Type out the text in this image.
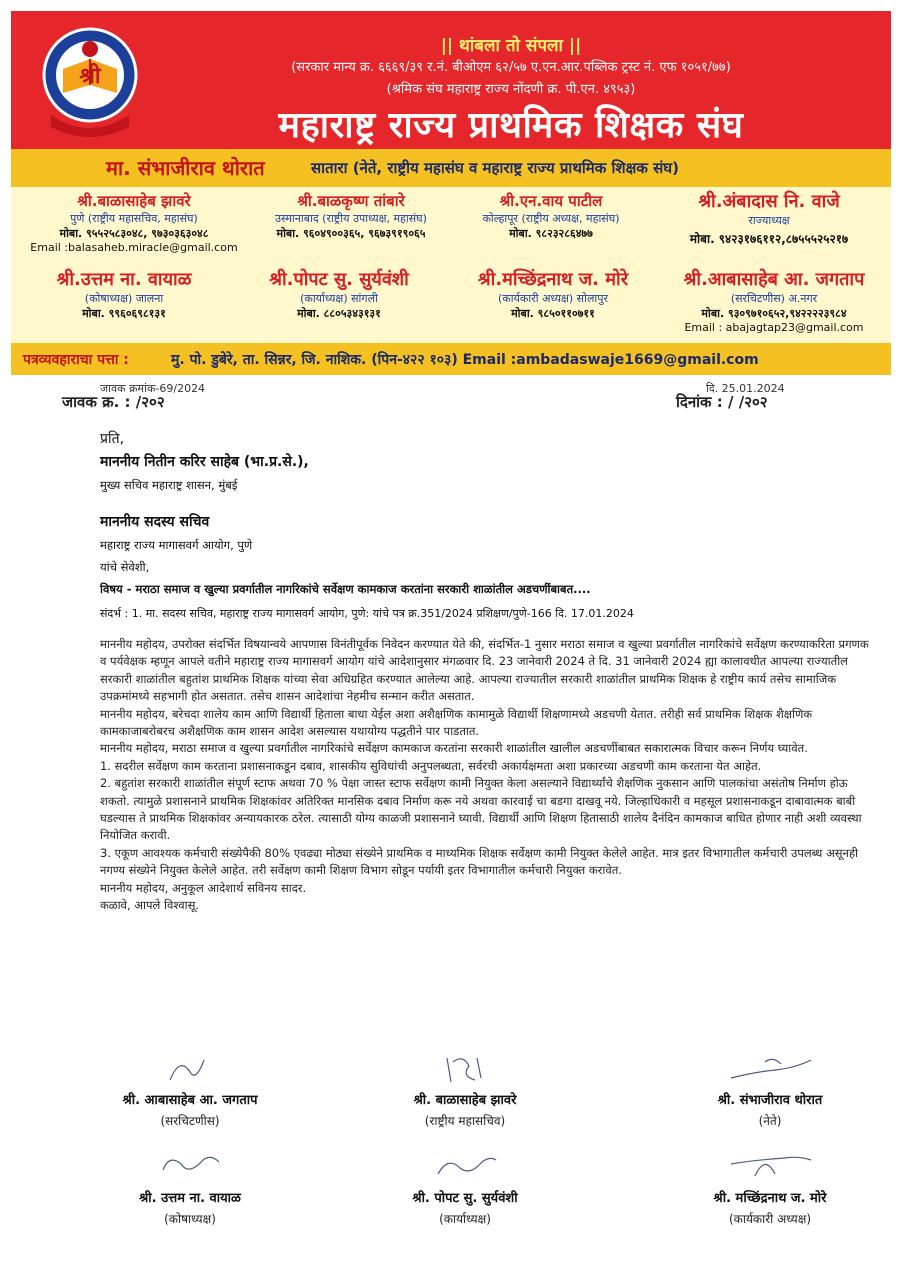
श्री
|| थांबला तो संपला ||
(सरकार मान्य क्र. ६६६९/३९ र.नं. बीओएम ६२/५७ ए.एन.आर.पब्लिक ट्रस्ट नं. एफ १०५१/७७)
(श्रमिक संघ महाराष्ट्र राज्य नोंदणी क्र. पी.एन. ४९५३)
महाराष्ट्र राज्य प्राथमिक शिक्षक संघ
मा. संभाजीराव थोरात	सातारा (नेते, राष्ट्रीय महासंघ व महाराष्ट्र राज्य प्राथमिक शिक्षक संघ)
श्री.बाळासाहेब झावरे
पुणे (राष्ट्रीय महासचिव, महासंघ)
मोबा. ९५५२५८३०४८, ९७३०३६३०४८
Email :balasaheb.miracle@gmail.com
श्री.बाळकृष्ण तांबारे
उस्मानाबाद (राष्ट्रीय उपाध्यक्ष, महासंघ)
मोबा. ९६०४९००३६५, ९६७३९१९०६५
श्री.एन.वाय पाटील
कोल्हापूर (राष्ट्रीय अध्यक्ष, महासंघ)
मोबा. ९८२३२८६४७७
श्री.अंबादास नि. वाजे
राज्याध्यक्ष
मोबा. ९४२३१७६११२,८७५५५२५२१७
श्री.उत्तम ना. वायाळ
(कोषाध्यक्ष) जालना
मोबा. ९९६०६९८१३१
श्री.पोपट सु. सुर्यवंशी
(कार्याध्यक्ष) सांगली
मोबा. ८८०५३४३१३१
श्री.मच्छिंद्रनाथ ज. मोरे
(कार्यकारी अध्यक्ष) सोलापुर
मोबा. ९८५०११०७११
श्री.आबासाहेब आ. जगताप
(सरचिटणीस) अ.नगर
मोबा. ९३०९७१०६५२,९४२२२२३९८४
Email : abajagtap23@gmail.com
पत्रव्यवहाराचा पत्ता :	मु. पो. डुबेरे, ता. सिन्नर, जि. नाशिक. (पिन-४२२ १०३) Email :ambadaswaje1669@gmail.com
जावक क्रमांक-69/2024
जावक क्र. : /२०२
दि. 25.01.2024
दिनांक : / /२०२
प्रति,
माननीय नितीन करिर साहेब (भा.प्र.से.),
मुख्य सचिव महाराष्ट्र शासन, मुंबई
माननीय सदस्य सचिव
महाराष्ट्र राज्य मागासवर्ग आयोग, पुणे
यांचे सेवेशी,
विषय - मराठा समाज व खुल्या प्रवर्गातील नागरिकांचे सर्वेक्षण कामकाज करतांना सरकारी शाळांतील अडचणींबाबत....
संदर्भ : 1. मा. सदस्य सचिव, महाराष्ट्र राज्य मागासवर्ग आयोग, पुणे: यांचे पत्र क्र.351/2024 प्रशिक्षण/पुणे-166 दि. 17.01.2024
माननीय महोदय, उपरोक्त संदर्भित विषयान्वये आपणास विनंतीपूर्वक निवेदन करण्यात येते की, संदर्भित-1 नुसार मराठा समाज व खुल्या प्रवर्गातील नागरिकांचे सर्वेक्षण करण्याकरिता प्रगणक व पर्यवेक्षक म्हणून आपले वतीने महाराष्ट्र राज्य मागासवर्ग आयोग यांचे आदेशानुसार मंगळवार दि. 23 जानेवारी 2024 ते दि. 31 जानेवारी 2024 ह्या कालावधीत आपल्या राज्यातील सरकारी शाळांतील बहुतांश प्राथमिक शिक्षक यांच्या सेवा अधिग्रहित करण्यात आलेल्या आहे. आपल्या राज्यातील सरकारी शाळांतील प्राथमिक शिक्षक हे राष्ट्रीय कार्य तसेच सामाजिक उपक्रमांमध्ये सहभागी होत असतात. तसेच शासन आदेशांचा नेहमीच सन्मान करीत असतात.
माननीय महोदय, बरेचदा शालेय काम आणि विद्यार्थी हिताला बाधा येईल अशा अशैक्षणिक कामामुळे विद्यार्थी शिक्षणामध्ये अडचणी येतात. तरीही सर्व प्राथमिक शिक्षक शैक्षणिक कामकाजाबरोबरच अशैक्षणिक काम शासन आदेश असल्यास यथायोग्य पद्धतीने पार पाडतात.
माननीय महोदय, मराठा समाज व खुल्या प्रवर्गातील नागरिकांचे सर्वेक्षण कामकाज करतांना सरकारी शाळांतील खालील अडचणींबाबत सकारात्मक विचार करून निर्णय घ्यावेत.
1. सदरील सर्वेक्षण काम करताना प्रशासनाकडून दबाव, शासकीय सुविधांची अनुपलब्धता, सर्वरची अकार्यक्षमता अशा प्रकारच्या अडचणी काम करताना येत आहेत.
2. बहुतांश सरकारी शाळांतील संपूर्ण स्टाफ अथवा 70 % पेक्षा जास्त स्टाफ सर्वेक्षण कामी नियुक्त केला असल्याने विद्यार्थ्यांचे शैक्षणिक नुकसान आणि पालकांचा असंतोष निर्माण होऊ शकतो. त्यामुळे प्रशासनाने प्राथमिक शिक्षकांवर अतिरिक्त मानसिक दबाव निर्माण करू नये अथवा कारवाई चा बडगा दाखवू नये. जिल्हाधिकारी व महसूल प्रशासनाकडून दाबावात्मक बाबी घडल्यास ते प्राथमिक शिक्षकांवर अन्यायकारक ठरेल. त्यासाठी योग्य काळजी प्रशासनाने घ्यावी. विद्यार्थी आणि शिक्षण हितासाठी शालेय दैनंदिन कामकाज बाधित होणार नाही अशी व्यवस्था नियोजित करावी.
3. एकूण आवश्यक कर्मचारी संख्येपैकी 80% एवढ्या मोठ्या संख्येने प्राथमिक व माध्यमिक शिक्षक सर्वेक्षण कामी नियुक्त केलेले आहेत. मात्र इतर विभागातील कर्मचारी उपलब्ध असूनही नगण्य संख्येने नियुक्त केलेले आहेत. तरी सर्वेक्षण कामी शिक्षण विभाग सोडून पर्यायी इतर विभागातील कर्मचारी नियुक्त करावेत.
माननीय महोदय, अनुकूल आदेशार्थ सविनय सादर.
कळावे, आपले विश्वासू.
श्री. आबासाहेब आ. जगताप
(सरचिटणीस)
श्री. बाळासाहेब झावरे
(राष्ट्रीय महासचिव)
श्री. संभाजीराव थोरात
(नेते)
श्री. उत्तम ना. वायाळ
(कोषाध्यक्ष)
श्री. पोपट सु. सुर्यवंशी
(कार्याध्यक्ष)
श्री. मच्छिंद्रनाथ ज. मोरे
(कार्यकारी अध्यक्ष)
